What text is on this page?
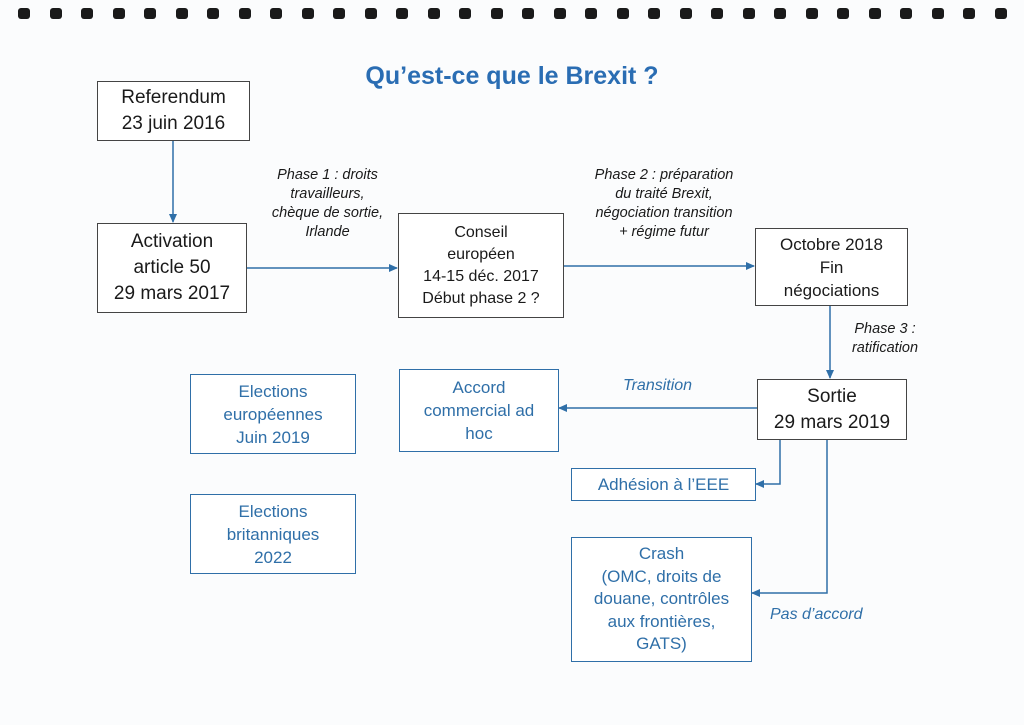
Qu’est-ce que le Brexit ?
Referendum
23 juin 2016
Activation
article 50
29 mars 2017
Conseil
européen
14-15 déc. 2017
Début phase 2 ?
Octobre 2018
Fin
négociations
Sortie
29 mars 2019
Accord
commercial ad
hoc
Adhésion à l’EEE
Crash
(OMC, droits de
douane, contrôles
aux frontières,
GATS)
Elections
européennes
Juin 2019
Elections
britanniques
2022
Phase 1 : droits
travailleurs,
chèque de sortie,
Irlande
Phase 2 : préparation
du traité Brexit,
négociation transition
+ régime futur
Phase 3 :
ratification
Transition
Pas d’accord
